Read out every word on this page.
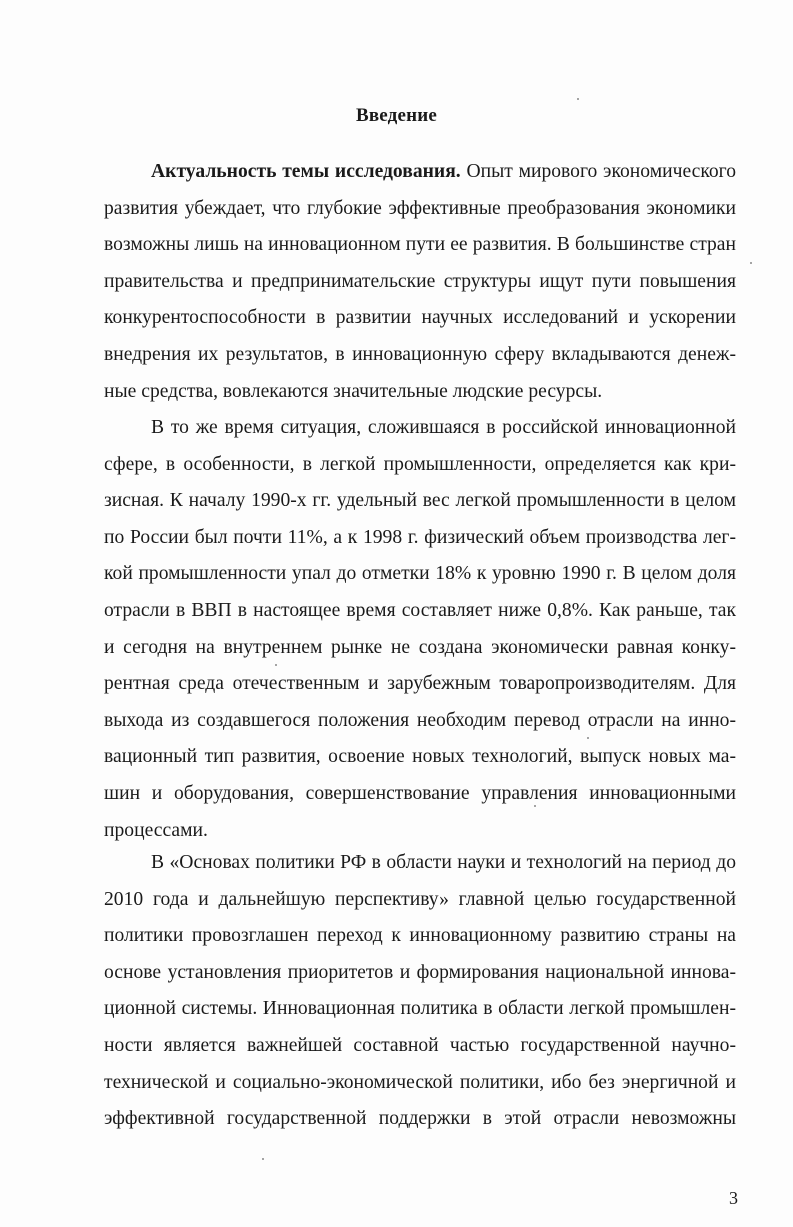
Введение
Актуальность темы исследования. Опыт мирового экономического
развития убеждает, что глубокие эффективные преобразования экономики
возможны лишь на инновационном пути ее развития. В большинстве стран
правительства и предпринимательские структуры ищут пути повышения
конкурентоспособности в развитии научных исследований и ускорении
внедрения их результатов, в инновационную сферу вкладываются денеж-
ные средства, вовлекаются значительные людские ресурсы.
В то же время ситуация, сложившаяся в российской инновационной
сфере, в особенности, в легкой промышленности, определяется как кри-
зисная. К началу 1990-х гг. удельный вес легкой промышленности в целом
по России был почти 11%, а к 1998 г. физический объем производства лег-
кой промышленности упал до отметки 18% к уровню 1990 г. В целом доля
отрасли в ВВП в настоящее время составляет ниже 0,8%. Как раньше, так
и сегодня на внутреннем рынке не создана экономически равная конку-
рентная среда отечественным и зарубежным товаропроизводителям. Для
выхода из создавшегося положения необходим перевод отрасли на инно-
вационный тип развития, освоение новых технологий, выпуск новых ма-
шин и оборудования, совершенствование управления инновационными
процессами.
В «Основах политики РФ в области науки и технологий на период до
2010 года и дальнейшую перспективу» главной целью государственной
политики провозглашен переход к инновационному развитию страны на
основе установления приоритетов и формирования национальной иннова-
ционной системы. Инновационная политика в области легкой промышлен-
ности является важнейшей составной частью государственной научно-
технической и социально-экономической политики, ибо без энергичной и
эффективной государственной поддержки в этой отрасли невозможны
3
